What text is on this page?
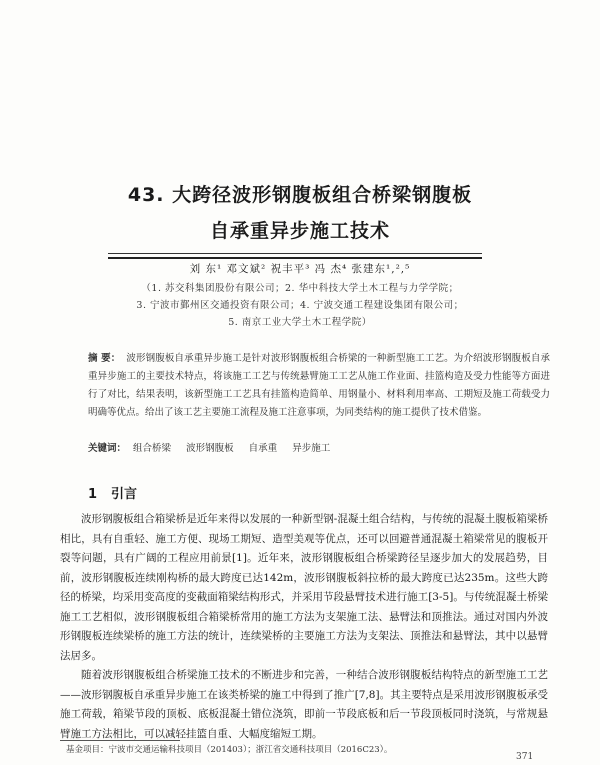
43. 大跨径波形钢腹板组合桥梁钢腹板
自承重异步施工技术
刘 东¹ 邓文斌² 祝丰平³ 冯 杰⁴ 张建东¹,²,⁵
（1. 苏交科集团股份有限公司；2. 华中科技大学土木工程与力学学院；
3. 宁波市鄞州区交通投资有限公司；4. 宁波交通工程建设集团有限公司；
5. 南京工业大学土木工程学院）
摘 要： 波形钢腹板自承重异步施工是针对波形钢腹板组合桥梁的一种新型施工工艺。为介绍波形钢腹板自承重异步施工的主要技术特点，将该施工工艺与传统悬臂施工工艺从施工作业面、挂篮构造及受力性能等方面进行了对比，结果表明，该新型施工工艺具有挂篮构造简单、用钢量小、材料利用率高、工期短及施工荷载受力明确等优点。给出了该工艺主要施工流程及施工注意事项，为同类结构的施工提供了技术借鉴。
关键词： 组合桥梁 波形钢腹板 自承重 异步施工
1 引言

波形钢腹板组合箱梁桥是近年来得以发展的一种新型钢-混凝土组合结构，与传统的混凝土腹板箱梁桥相比，具有自重轻、施工方便、现场工期短、造型美观等优点，还可以回避普通混凝土箱梁常见的腹板开裂等问题，具有广阔的工程应用前景[1]。近年来，波形钢腹板组合桥梁跨径呈逐步加大的发展趋势，目前，波形钢腹板连续刚构桥的最大跨度已达142m，波形钢腹板斜拉桥的最大跨度已达235m。这些大跨径的桥梁，均采用变高度的变截面箱梁结构形式，并采用节段悬臂技术进行施工[3-5]。与传统混凝土桥梁施工工艺相似，波形钢腹板组合箱梁桥常用的施工方法为支架施工法、悬臂法和顶推法。通过对国内外波形钢腹板连续梁桥的施工方法的统计，连续梁桥的主要施工方法为支架法、顶推法和悬臂法，其中以悬臂法居多。

随着波形钢腹板组合桥梁施工技术的不断进步和完善，一种结合波形钢腹板结构特点的新型施工工艺——波形钢腹板自承重异步施工在该类桥梁的施工中得到了推广[7,8]。其主要特点是采用波形钢腹板承受施工荷载，箱梁节段的顶板、底板混凝土错位浇筑，即前一节段底板和后一节段顶板同时浇筑，与常规悬臂施工方法相比，可以减轻挂篮自重、大幅度缩短工期。

基金项目：宁波市交通运输科技项目（201403）；浙江省交通科技项目（2016C23）。
371
